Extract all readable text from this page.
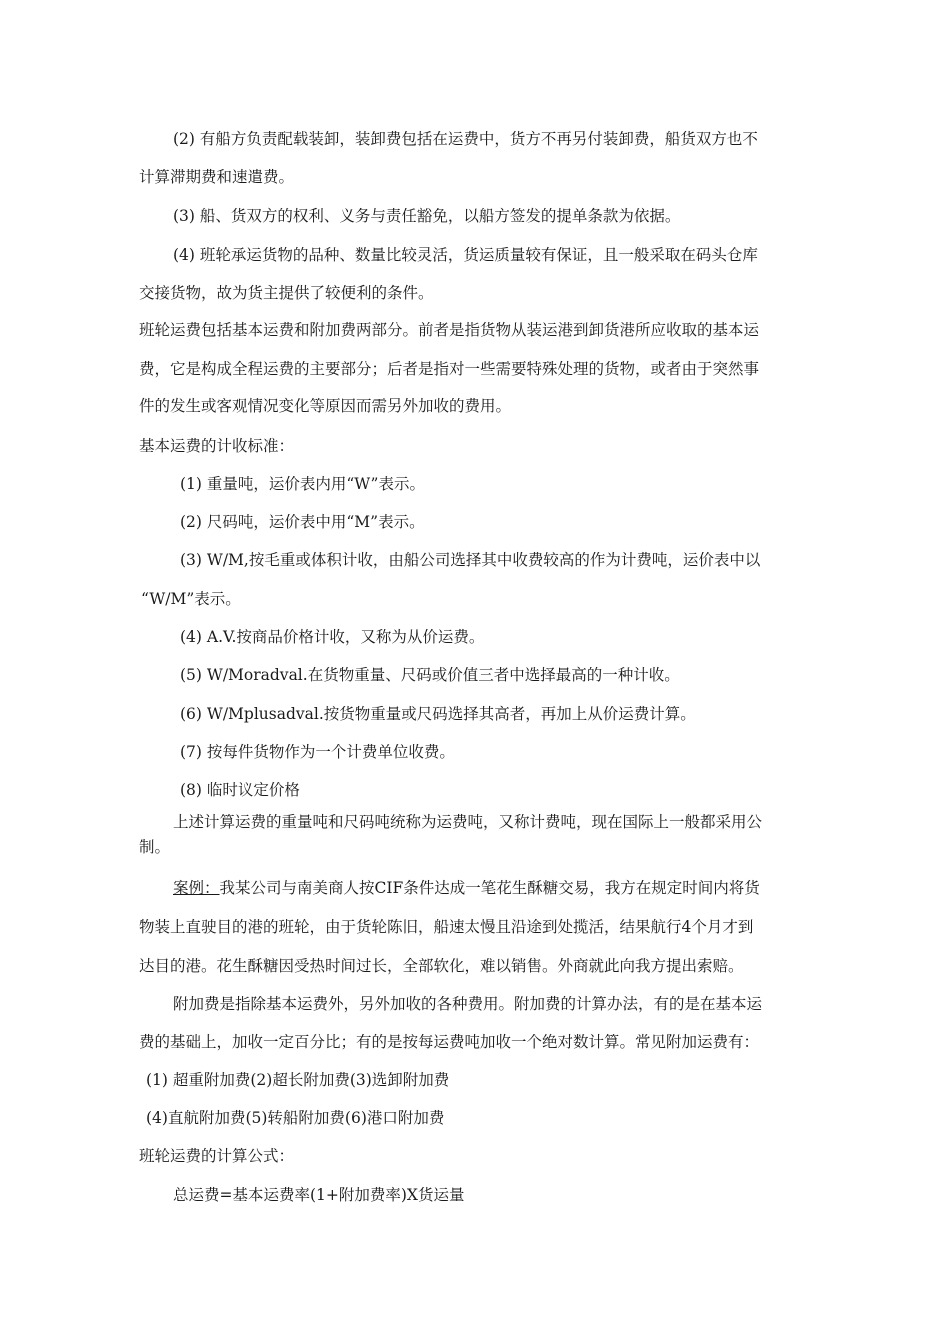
(2) 有船方负责配载装卸，装卸费包括在运费中，货方不再另付装卸费，船货双方也不
计算滞期费和速遣费。
(3) 船、货双方的权利、义务与责任豁免，以船方签发的提单条款为依据。
(4) 班轮承运货物的品种、数量比较灵活，货运质量较有保证，且一般采取在码头仓库
交接货物，故为货主提供了较便利的条件。
班轮运费包括基本运费和附加费两部分。前者是指货物从装运港到卸货港所应收取的基本运
费，它是构成全程运费的主要部分；后者是指对一些需要特殊处理的货物，或者由于突然事
件的发生或客观情况变化等原因而需另外加收的费用。
基本运费的计收标准：
(1) 重量吨，运价表内用“W”表示。
(2) 尺码吨，运价表中用“M”表示。
(3) W/M,按毛重或体积计收，由船公司选择其中收费较高的作为计费吨，运价表中以
“W/M”表示。
(4) A.V.按商品价格计收，又称为从价运费。
(5) W/Moradval.在货物重量、尺码或价值三者中选择最高的一种计收。
(6) W/Mplusadval.按货物重量或尺码选择其高者，再加上从价运费计算。
(7) 按每件货物作为一个计费单位收费。
(8) 临时议定价格
上述计算运费的重量吨和尺码吨统称为运费吨，又称计费吨，现在国际上一般都采用公
制。
案例：我某公司与南美商人按CIF条件达成一笔花生酥糖交易，我方在规定时间内将货
物装上直驶目的港的班轮，由于货轮陈旧，船速太慢且沿途到处揽活，结果航行4个月才到
达目的港。花生酥糖因受热时间过长，全部软化，难以销售。外商就此向我方提出索赔。
附加费是指除基本运费外，另外加收的各种费用。附加费的计算办法，有的是在基本运
费的基础上，加收一定百分比；有的是按每运费吨加收一个绝对数计算。常见附加运费有：
(1) 超重附加费(2)超长附加费(3)选卸附加费
(4)直航附加费(5)转船附加费(6)港口附加费
班轮运费的计算公式：
总运费=基本运费率(1+附加费率)X货运量
